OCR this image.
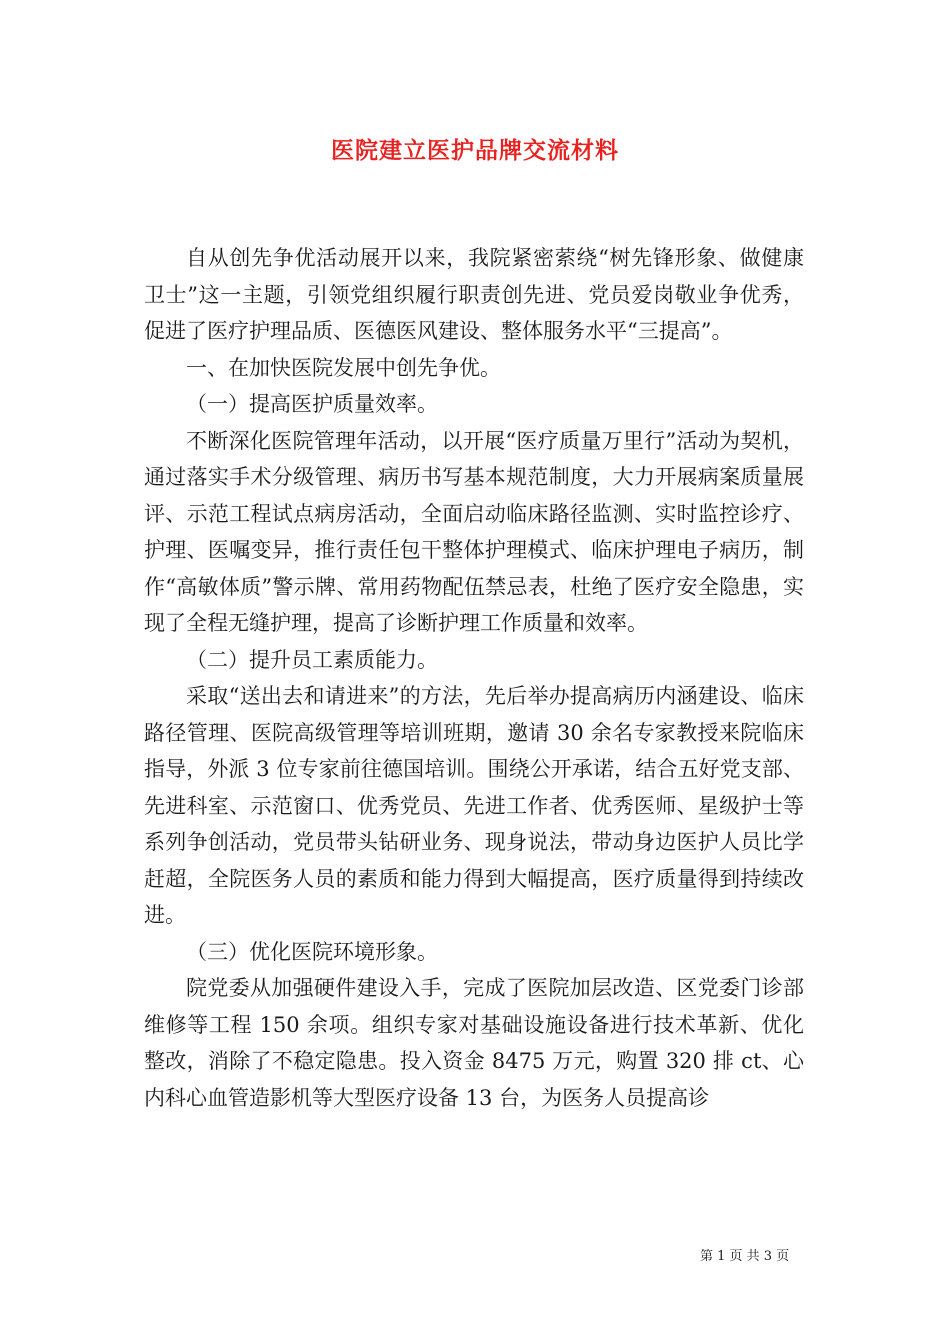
医院建立医护品牌交流材料

自从创先争优活动展开以来，我院紧密萦绕“树先锋形象、做健康卫士”这一主题，引领党组织履行职责创先进、党员爱岗敬业争优秀，促进了医疗护理品质、医德医风建设、整体服务水平“三提高”。

一、在加快医院发展中创先争优。

（一）提高医护质量效率。

不断深化医院管理年活动，以开展“医疗质量万里行”活动为契机，通过落实手术分级管理、病历书写基本规范制度，大力开展病案质量展评、示范工程试点病房活动，全面启动临床路径监测、实时监控诊疗、护理、医嘱变异，推行责任包干整体护理模式、临床护理电子病历，制作“高敏体质”警示牌、常用药物配伍禁忌表，杜绝了医疗安全隐患，实现了全程无缝护理，提高了诊断护理工作质量和效率。

（二）提升员工素质能力。

采取“送出去和请进来”的方法，先后举办提高病历内涵建设、临床路径管理、医院高级管理等培训班期，邀请 30 余名专家教授来院临床指导，外派 3 位专家前往德国培训。围绕公开承诺，结合五好党支部、先进科室、示范窗口、优秀党员、先进工作者、优秀医师、星级护士等系列争创活动，党员带头钻研业务、现身说法，带动身边医护人员比学赶超，全院医务人员的素质和能力得到大幅提高，医疗质量得到持续改进。

（三）优化医院环境形象。

院党委从加强硬件建设入手，完成了医院加层改造、区党委门诊部维修等工程 150 余项。组织专家对基础设施设备进行技术革新、优化整改，消除了不稳定隐患。投入资金 8475 万元，购置 320 排 ct、心内科心血管造影机等大型医疗设备 13 台，为医务人员提高诊

第 1 页 共 3 页
